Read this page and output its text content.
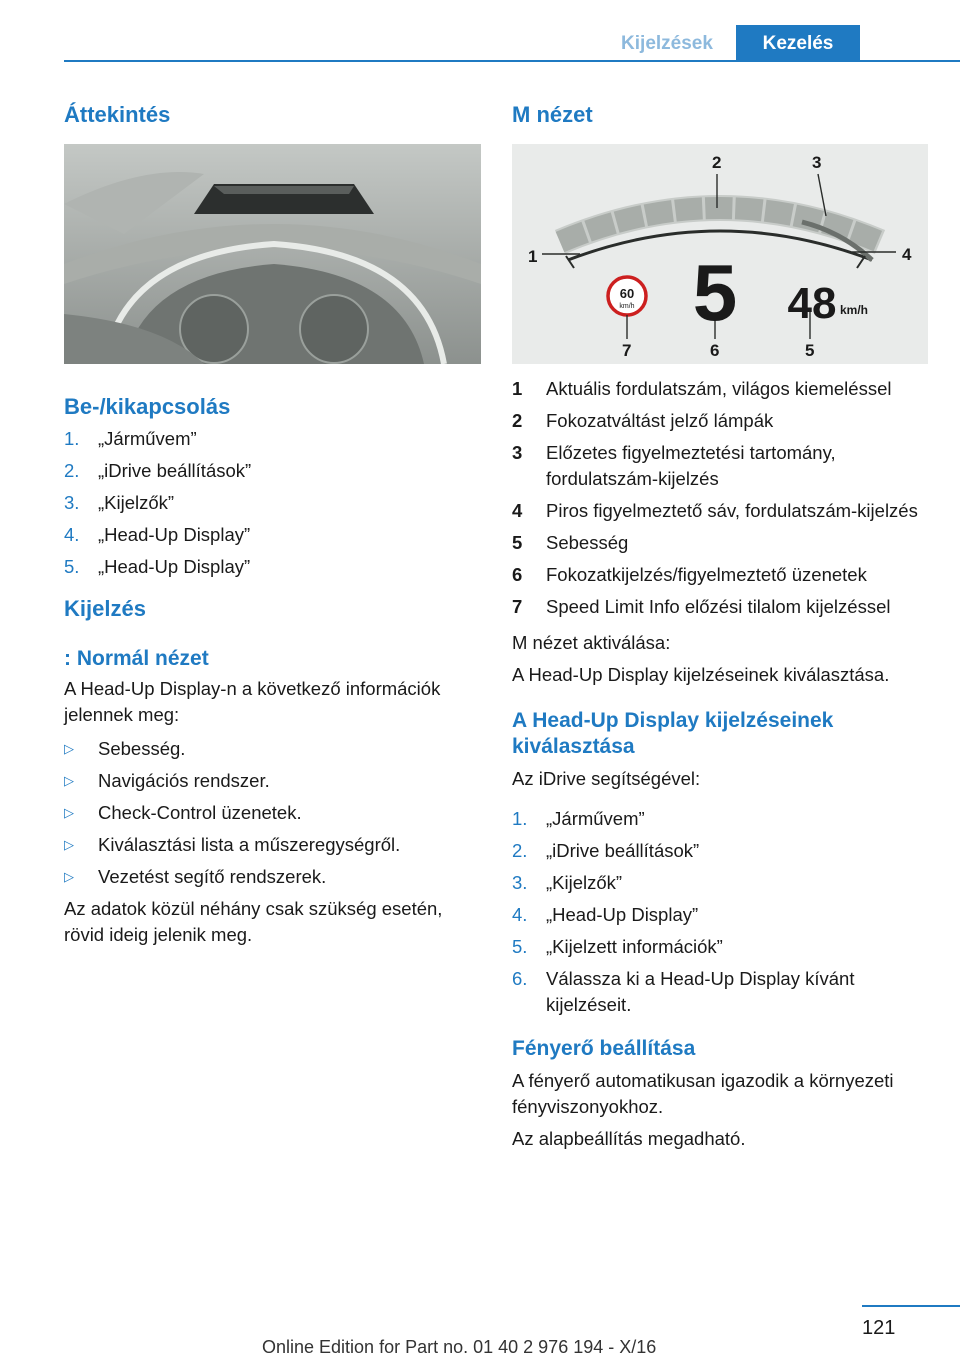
Kijelzések	Kezelés
Áttekintés
Be-/kikapcsolás
1. „Járművem”
2. „iDrive beállítások”
3. „Kijelzők”
4. „Head-Up Display”
5. „Head-Up Display”
Kijelzés
: Normál nézet

A Head-Up Display-n a következő információk jelennek meg:

▷ Sebesség.
▷ Navigációs rendszer.
▷ Check-Control üzenetek.
▷ Kiválasztási lista a műszeregységről.
▷ Vezetést segítő rendszerek.

Az adatok közül néhány csak szükség esetén, rövid ideig jelenik meg.

M nézet
1
2	3
4
5
6
7
60
km/h 5 48 km/h
1 Aktuális fordulatszám, világos kiemeléssel
2 Fokozatváltást jelző lámpák
3 Előzetes figyelmeztetési tartomány, fordulatszám-kijelzés
4 Piros figyelmeztető sáv, fordulatszám-kijelzés
5 Sebesség
6 Fokozatkijelzés/figyelmeztető üzenetek
7 Speed Limit Info előzési tilalom kijelzéssel

M nézet aktiválása:

A Head-Up Display kijelzéseinek kiválasztása.

A Head-Up Display kijelzéseinek kiválasztása

Az iDrive segítségével:

1. „Járművem”
2. „iDrive beállítások”
3. „Kijelzők”
4. „Head-Up Display”
5. „Kijelzett információk”
6. Válassza ki a Head-Up Display kívánt kijelzéseit.
Fényerő beállítása

A fényerő automatikusan igazodik a környezeti fényviszonyokhoz.

Az alapbeállítás megadható.

121
Online Edition for Part no. 01 40 2 976 194 - X/16
